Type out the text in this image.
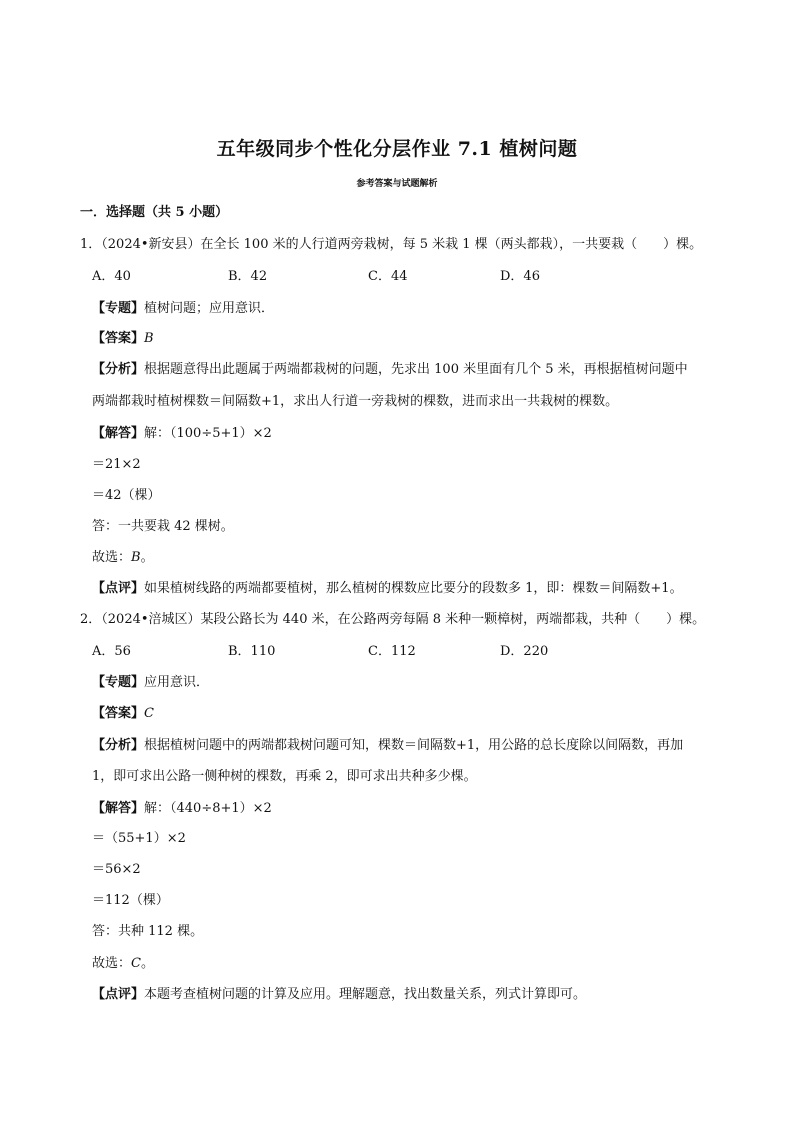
五年级同步个性化分层作业 7.1 植树问题
参考答案与试题解析
一．选择题（共 5 小题）
1．（2024•新安县）在全长 100 米的人行道两旁栽树，每 5 米栽 1 棵（两头都栽），一共要栽（　　）棵。
A．40	B．42	C．44	D．46
【专题】植树问题；应用意识．
【答案】B
【分析】根据题意得出此题属于两端都栽树的问题，先求出 100 米里面有几个 5 米，再根据植树问题中
两端都栽时植树棵数＝间隔数+1，求出人行道一旁栽树的棵数，进而求出一共栽树的棵数。
【解答】解：（100÷5+1）×2
＝21×2
＝42（棵）
答：一共要栽 42 棵树。
故选：B。
【点评】如果植树线路的两端都要植树，那么植树的棵数应比要分的段数多 1，即：棵数＝间隔数+1。
2．（2024•涪城区）某段公路长为 440 米，在公路两旁每隔 8 米种一颗樟树，两端都栽，共种（　　）棵。
A．56	B．110	C．112	D．220
【专题】应用意识．
【答案】C
【分析】根据植树问题中的两端都栽树问题可知，棵数＝间隔数+1，用公路的总长度除以间隔数，再加
1，即可求出公路一侧种树的棵数，再乘 2，即可求出共种多少棵。
【解答】解：（440÷8+1）×2
＝（55+1）×2
＝56×2
＝112（棵）
答：共种 112 棵。
故选：C。
【点评】本题考查植树问题的计算及应用。理解题意，找出数量关系，列式计算即可。
